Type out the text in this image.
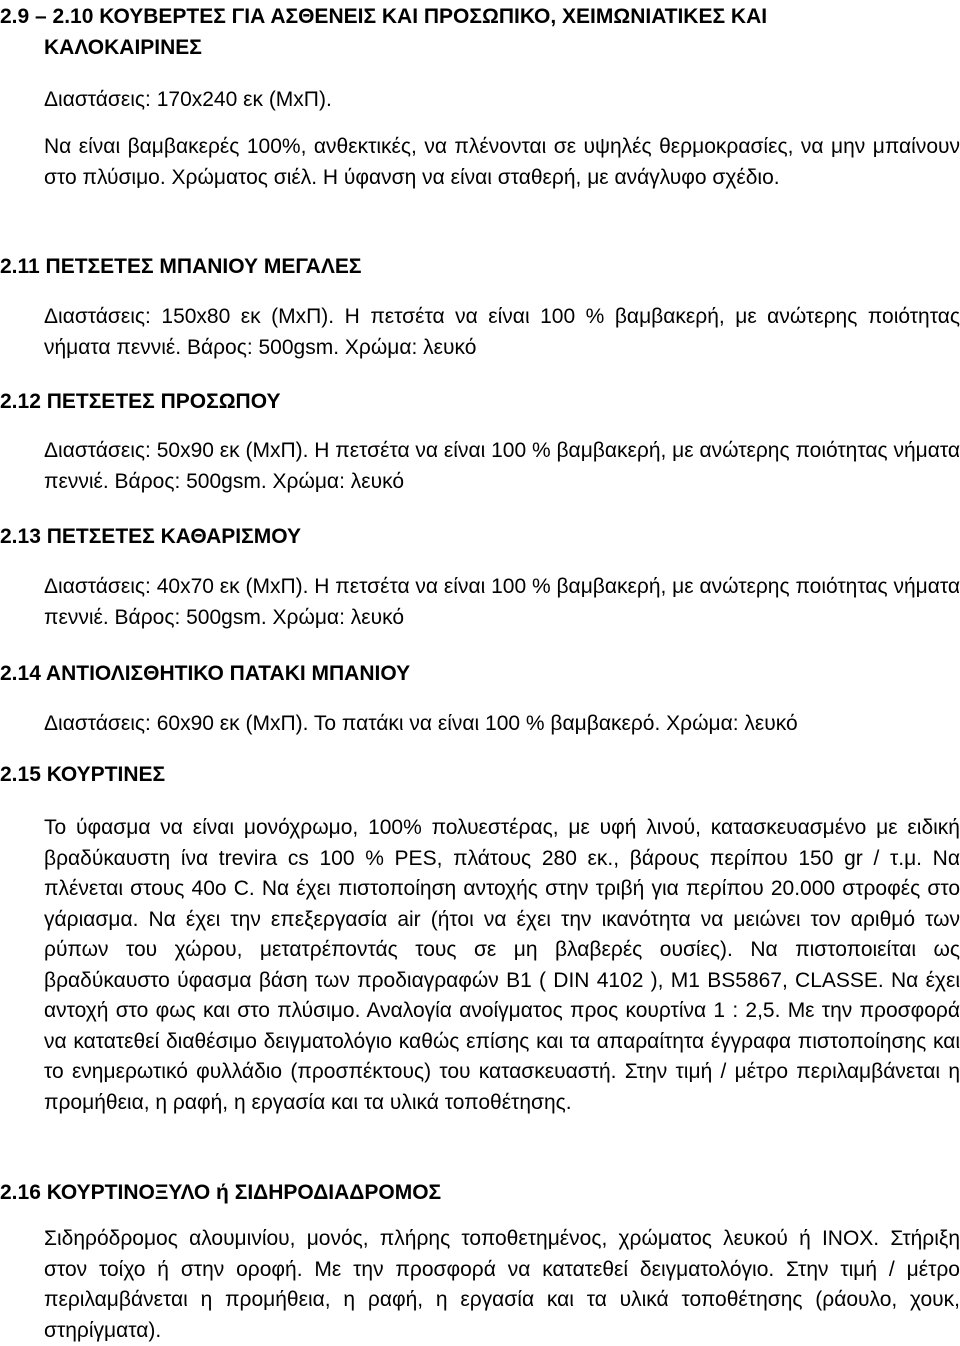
2.9 – 2.10 ΚΟΥΒΕΡΤΕΣ ΓΙΑ ΑΣΘΕΝΕΙΣ ΚΑΙ ΠΡΟΣΩΠΙΚΟ, ΧΕΙΜΩΝΙΑΤΙΚΕΣ ΚΑΙ
ΚΑΛΟΚΑΙΡΙΝΕΣ
Διαστάσεις: 170x240 εκ (ΜxΠ).

Να είναι βαμβακερές 100%, ανθεκτικές, να πλένονται σε υψηλές θερμοκρασίες, να μην μπαίνουν στο πλύσιμο. Χρώματος σιέλ. Η ύφανση να είναι σταθερή, με ανάγλυφο σχέδιο.

2.11 ΠΕΤΣΕΤΕΣ ΜΠΑΝΙΟΥ ΜΕΓΑΛΕΣ

Διαστάσεις: 150x80 εκ (ΜxΠ). Η πετσέτα να είναι 100 % βαμβακερή, με ανώτερης ποιότητας νήματα πεννιέ. Βάρος: 500gsm. Χρώμα: λευκό

2.12 ΠΕΤΣΕΤΕΣ ΠΡΟΣΩΠΟΥ

Διαστάσεις: 50x90 εκ (ΜxΠ). Η πετσέτα να είναι 100 % βαμβακερή, με ανώτερης ποιότητας νήματα πεννιέ. Βάρος: 500gsm. Χρώμα: λευκό

2.13 ΠΕΤΣΕΤΕΣ ΚΑΘΑΡΙΣΜΟΥ

Διαστάσεις: 40x70 εκ (ΜxΠ). Η πετσέτα να είναι 100 % βαμβακερή, με ανώτερης ποιότητας νήματα πεννιέ. Βάρος: 500gsm. Χρώμα: λευκό

2.14 ΑΝΤΙΟΛΙΣΘΗΤΙΚΟ ΠΑΤΑΚΙ ΜΠΑΝΙΟΥ
Διαστάσεις: 60x90 εκ (ΜxΠ). Το πατάκι να είναι 100 % βαμβακερό. Χρώμα: λευκό
2.15 ΚΟΥΡΤΙΝΕΣ

Το ύφασμα να είναι μονόχρωμο, 100% πολυεστέρας, με υφή λινού, κατασκευασμένο με ειδική βραδύκαυστη ίνα trevira cs 100 % PES, πλάτους 280 εκ., βάρους περίπου 150 gr / τ.μ. Να πλένεται στους 40ο C. Να έχει πιστοποίηση αντοχής στην τριβή για περίπου 20.000 στροφές στο γάριασμα. Να έχει την επεξεργασία air (ήτοι να έχει την ικανότητα να μειώνει τον αριθμό των ρύπων του χώρου, μετατρέποντάς τους σε μη βλαβερές ουσίες). Να πιστοποιείται ως βραδύκαυστο ύφασμα βάση των προδιαγραφών B1 ( DIN 4102 ), M1 BS5867, CLASSE. Να έχει αντοχή στο φως και στο πλύσιμο. Αναλογία ανοίγματος προς κουρτίνα 1 : 2,5. Με την προσφορά να κατατεθεί διαθέσιμο δειγματολόγιο καθώς επίσης και τα απαραίτητα έγγραφα πιστοποίησης και το ενημερωτικό φυλλάδιο (προσπέκτους) του κατασκευαστή. Στην τιμή / μέτρο περιλαμβάνεται η προμήθεια, η ραφή, η εργασία και τα υλικά τοποθέτησης.

2.16 ΚΟΥΡΤΙΝΟΞΥΛΟ ή ΣΙΔΗΡΟΔΙΑΔΡΟΜΟΣ

Σιδηρόδρομος αλουμινίου, μονός, πλήρης τοποθετημένος, χρώματος λευκού ή INOX. Στήριξη στον τοίχο ή στην οροφή. Με την προσφορά να κατατεθεί δειγματολόγιο. Στην τιμή / μέτρο περιλαμβάνεται η προμήθεια, η ραφή, η εργασία και τα υλικά τοποθέτησης (ράουλο, χουκ, στηρίγματα).
